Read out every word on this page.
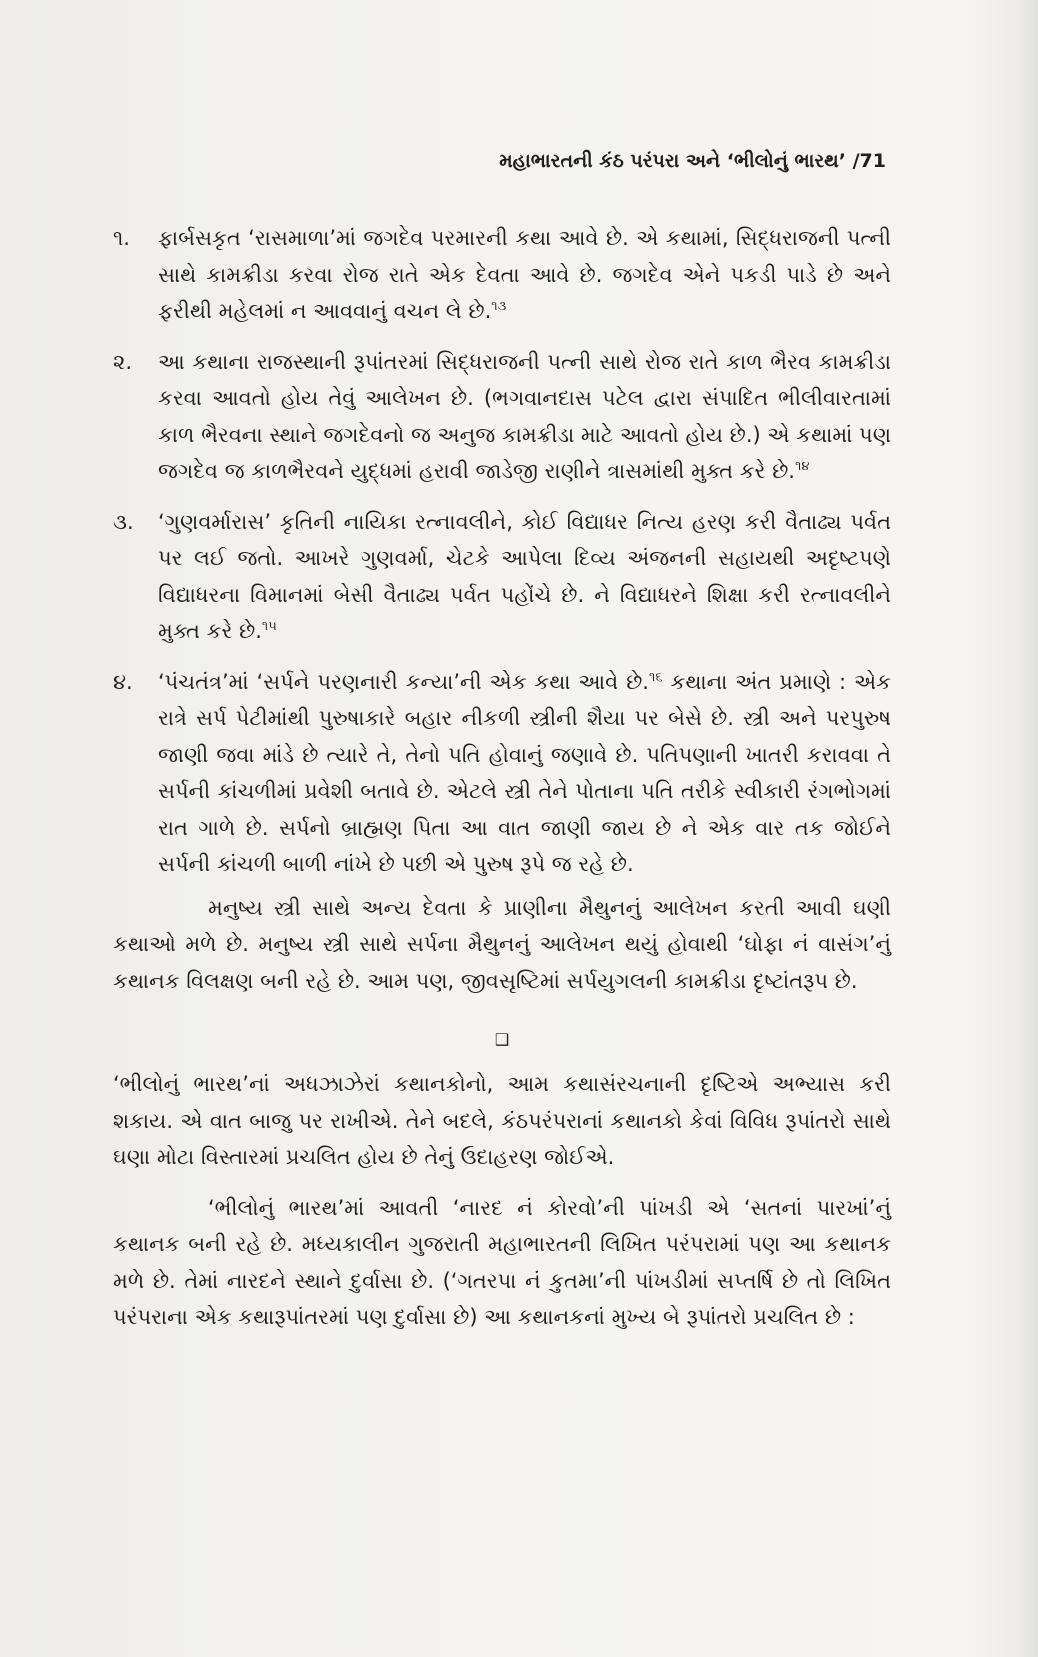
મહાભારતની કંઠ પરંપરા અને ‘ભીલોનું ભારથ’ /71
૧.	ફાર્બસકૃત ‘રાસમાળા’માં જગદેવ પરમારની કથા આવે છે. એ કથામાં, સિદ્ધરાજની પત્ની સાથે કામક્રીડા કરવા રોજ રાતે એક દેવતા આવે છે. જગદેવ એને પકડી પાડે છે અને ફરીથી મહેલમાં ન આવવાનું વચન લે છે.$^{૧૩}$
૨.	આ કથાના રાજસ્થાની રૂપાંતરમાં સિદ્ધરાજની પત્ની સાથે રોજ રાતે કાળ ભૈરવ કામક્રીડા કરવા આવતો હોય તેવું આલેખન છે. (ભગવાનદાસ પટેલ દ્વારા સંપાદિત ભીલીવારતામાં કાળ ભૈરવના સ્થાને જગદેવનો જ અનુજ કામક્રીડા માટે આવતો હોય છે.) એ કથામાં પણ જગદેવ જ કાળભૈરવને યુદ્ધમાં હરાવી જાડેજી રાણીને ત્રાસમાંથી મુક્ત કરે છે.$^{૧૪}$
૩.	‘ગુણવર્મારાસ’ કૃતિની નાયિકા રત્નાવલીને, કોઈ વિદ્યાધર નિત્ય હરણ કરી વૈતાઢ્ય પર્વત પર લઈ જતો. આખરે ગુણવર્મા, ચેટકે આપેલા દિવ્ય અંજનની સહાયથી અદૃષ્ટપણે વિદ્યાધરના વિમાનમાં બેસી વૈતાઢ્ય પર્વત પહોંચે છે. ને વિદ્યાધરને શિક્ષા કરી રત્નાવલીને મુક્ત કરે છે.$^{૧૫}$
૪.	‘પંચતંત્ર’માં ‘સર્પને પરણનારી કન્યા’ની એક કથા આવે છે.$^{૧૬}$ કથાના અંત પ્રમાણે : એક રાત્રે સર્પ પેટીમાંથી પુરુષાકારે બહાર નીકળી સ્ત્રીની શૈયા પર બેસે છે. સ્ત્રી અને પરપુરુષ જાણી જવા માંડે છે ત્યારે તે, તેનો પતિ હોવાનું જણાવે છે. પતિપણાની ખાતરી કરાવવા તે સર્પની કાંચળીમાં પ્રવેશી બતાવે છે. એટલે સ્ત્રી તેને પોતાના પતિ તરીકે સ્વીકારી રંગભોગમાં રાત ગાળે છે. સર્પનો બ્રાહ્મણ પિતા આ વાત જાણી જાય છે ને એક વાર તક જોઈને સર્પની કાંચળી બાળી નાંખે છે પછી એ પુરુષ રૂપે જ રહે છે.

મનુષ્ય સ્ત્રી સાથે અન્ય દેવતા કે પ્રાણીના મૈથુનનું આલેખન કરતી આવી ઘણી કથાઓ મળે છે. મનુષ્ય સ્ત્રી સાથે સર્પના મૈથુનનું આલેખન થયું હોવાથી ‘ઘોફા નં વાસંગ’નું કથાનક વિલક્ષણ બની રહે છે. આમ પણ, જીવસૃષ્ટિમાં સર્પયુગલની કામક્રીડા દૃષ્ટાંતરૂપ છે.

❑

‘ભીલોનું ભારથ’નાં અધઝાઝેરાં કથાનકોનો, આમ કથાસંરચનાની દૃષ્ટિએ અભ્યાસ કરી શકાય. એ વાત બાજુ પર રાખીએ. તેને બદલે, કંઠપરંપરાનાં કથાનકો કેવાં વિવિધ રૂપાંતરો સાથે ઘણા મોટા વિસ્તારમાં પ્રચલિત હોય છે તેનું ઉદાહરણ જોઈએ.

‘ભીલોનું ભારથ’માં આવતી ‘નારદ નં કોરવો’ની પાંખડી એ ‘સતનાં પારખાં’નું કથાનક બની રહે છે. મધ્યકાલીન ગુજરાતી મહાભારતની લિખિત પરંપરામાં પણ આ કથાનક મળે છે. તેમાં નારદને સ્થાને દુર્વાસા છે. (‘ગતરપા નં કુતમા’ની પાંખડીમાં સપ્તર્ષિ છે તો લિખિત પરંપરાના એક કથારૂપાંતરમાં પણ દુર્વાસા છે) આ કથાનકનાં મુખ્ય બે રૂપાંતરો પ્રચલિત છે :
